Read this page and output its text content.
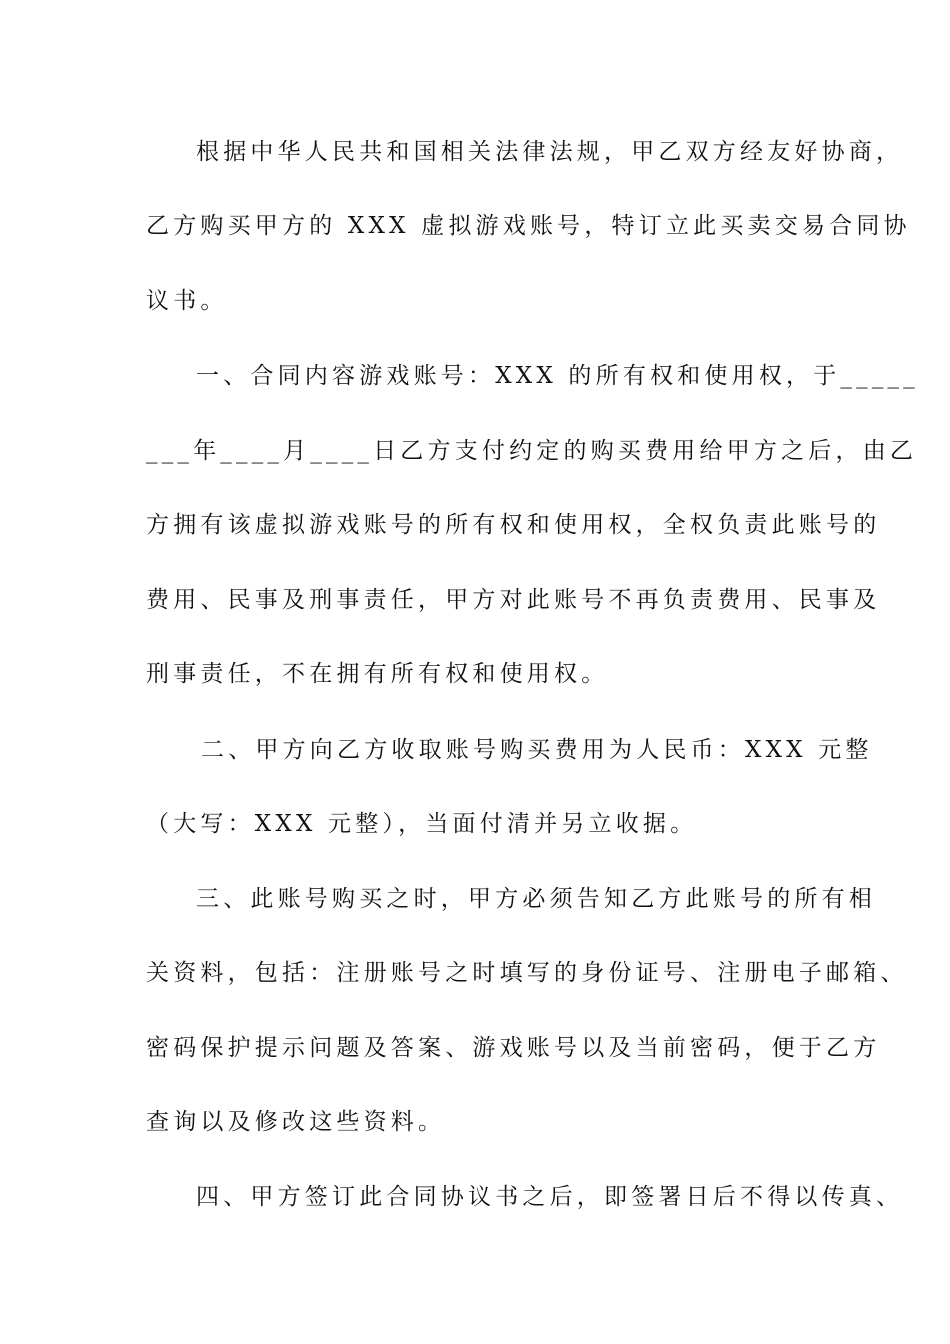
根据中华人民共和国相关法律法规，甲乙双方经友好协商，
乙方购买甲方的 XXX 虚拟游戏账号，特订立此买卖交易合同协
议书。
一、合同内容游戏账号：XXX 的所有权和使用权，于_____
___年____月____日乙方支付约定的购买费用给甲方之后，由乙
方拥有该虚拟游戏账号的所有权和使用权，全权负责此账号的
费用、民事及刑事责任，甲方对此账号不再负责费用、民事及
刑事责任，不在拥有所有权和使用权。
二、甲方向乙方收取账号购买费用为人民币：XXX 元整
（大写：XXX 元整），当面付清并另立收据。
三、此账号购买之时，甲方必须告知乙方此账号的所有相
关资料，包括：注册账号之时填写的身份证号、注册电子邮箱、
密码保护提示问题及答案、游戏账号以及当前密码，便于乙方
查询以及修改这些资料。
四、甲方签订此合同协议书之后，即签署日后不得以传真、
